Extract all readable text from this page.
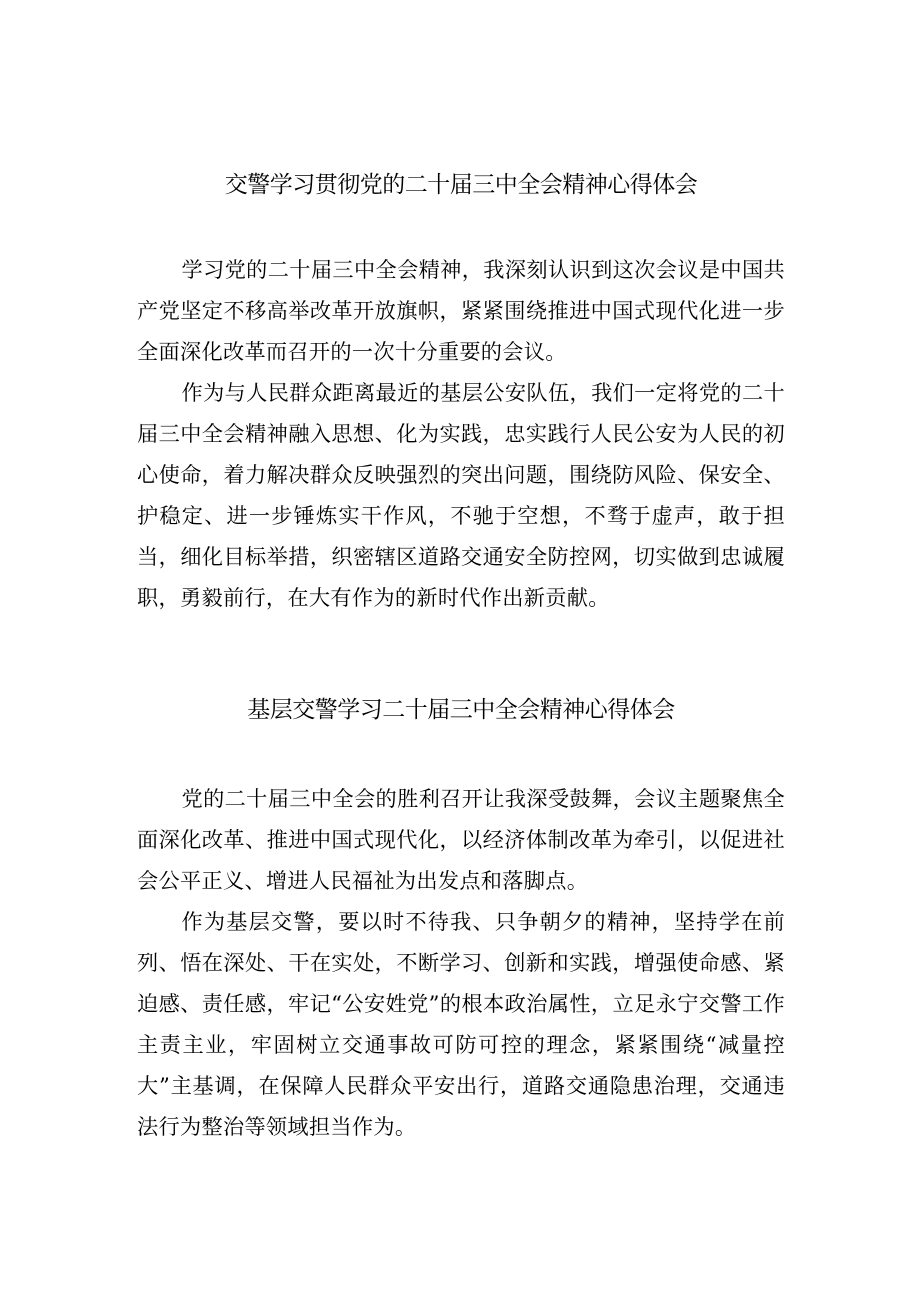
交警学习贯彻党的二十届三中全会精神心得体会

学习党的二十届三中全会精神，我深刻认识到这次会议是中国共产党坚定不移高举改革开放旗帜，紧紧围绕推进中国式现代化进一步全面深化改革而召开的一次十分重要的会议。

作为与人民群众距离最近的基层公安队伍，我们一定将党的二十届三中全会精神融入思想、化为实践，忠实践行人民公安为人民的初心使命，着力解决群众反映强烈的突出问题，围绕防风险、保安全、护稳定、进一步锤炼实干作风，不驰于空想，不骛于虚声，敢于担当，细化目标举措，织密辖区道路交通安全防控网，切实做到忠诚履职，勇毅前行，在大有作为的新时代作出新贡献。

基层交警学习二十届三中全会精神心得体会

党的二十届三中全会的胜利召开让我深受鼓舞，会议主题聚焦全面深化改革、推进中国式现代化，以经济体制改革为牵引，以促进社会公平正义、增进人民福祉为出发点和落脚点。

作为基层交警，要以时不待我、只争朝夕的精神，坚持学在前列、悟在深处、干在实处，不断学习、创新和实践，增强使命感、紧迫感、责任感，牢记“公安姓党”的根本政治属性，立足永宁交警工作主责主业，牢固树立交通事故可防可控的理念，紧紧围绕“减量控大”主基调，在保障人民群众平安出行，道路交通隐患治理，交通违法行为整治等领域担当作为。
